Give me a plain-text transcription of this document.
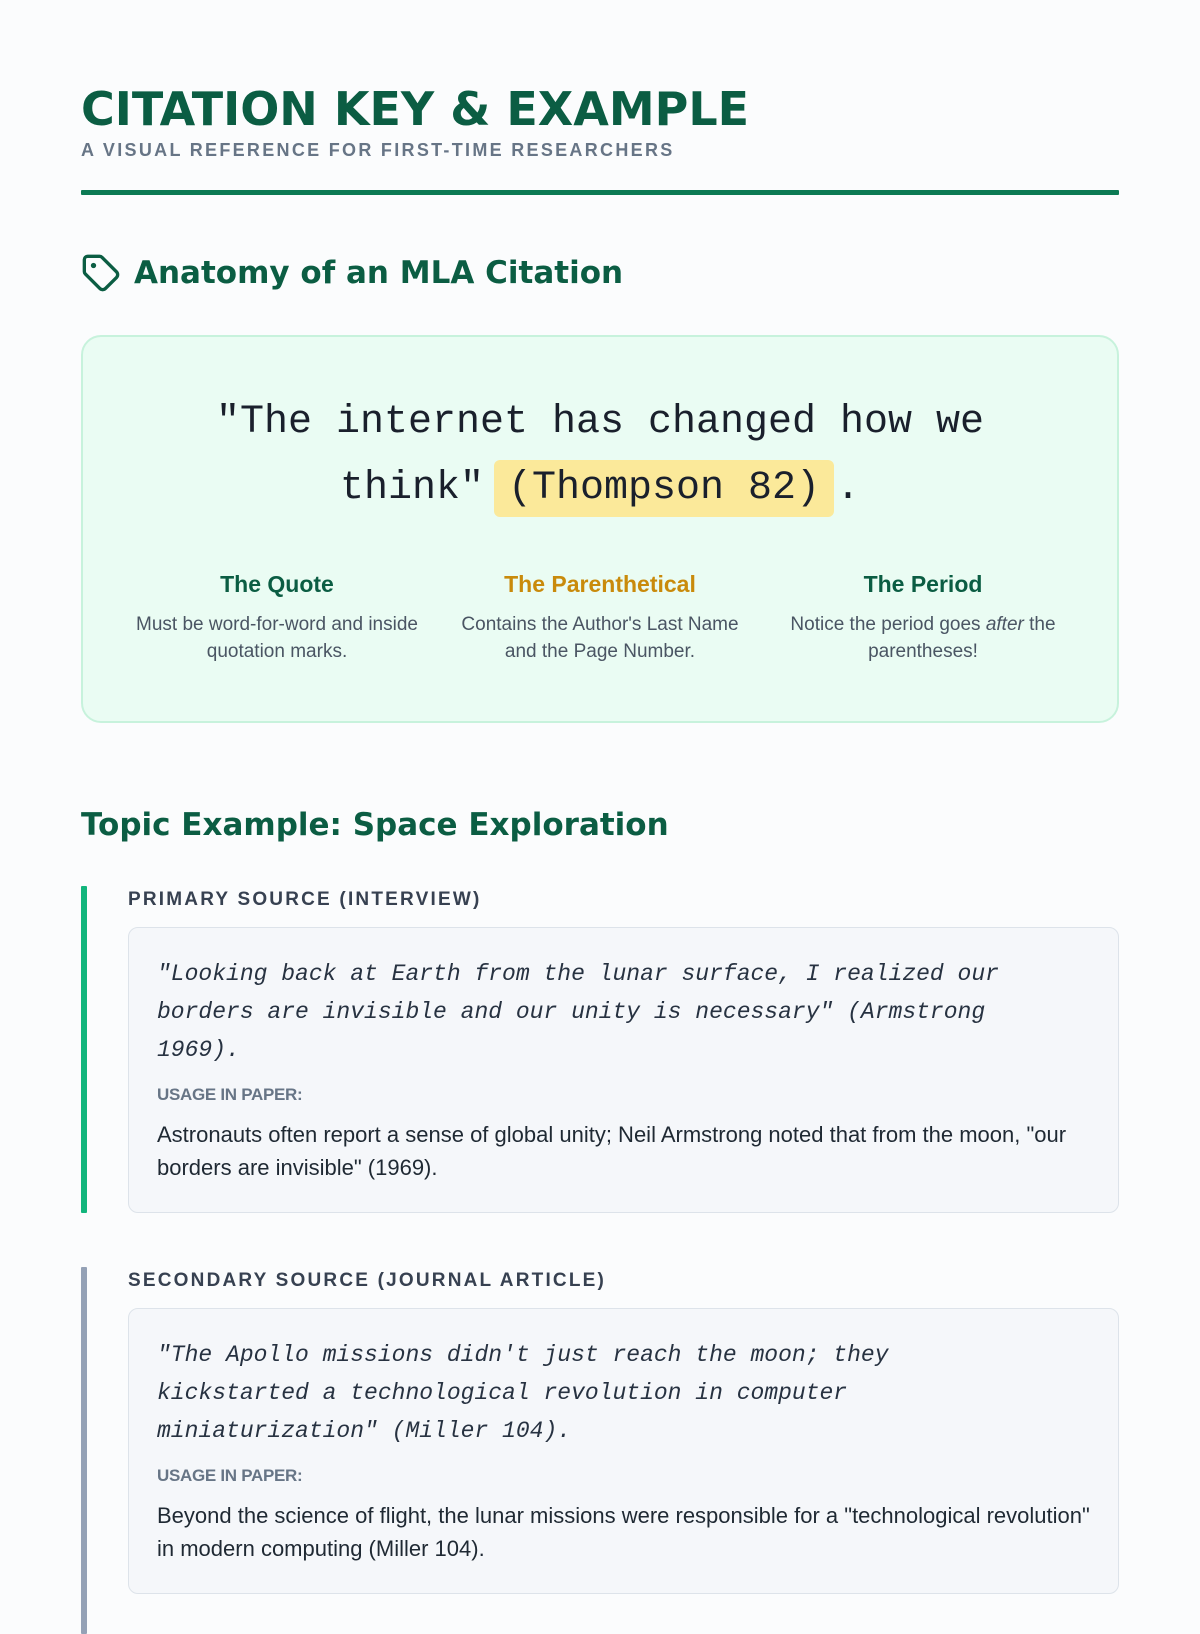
CITATION KEY & EXAMPLE
A VISUAL REFERENCE FOR FIRST-TIME RESEARCHERS
Anatomy of an MLA Citation
"The internet has changed how we
think" (Thompson 82) .
The Quote
Must be word-for-word and inside quotation marks.
The Parenthetical
Contains the Author's Last Name and the Page Number.
The Period
Notice the period goes after the parentheses!
Topic Example: Space Exploration
PRIMARY SOURCE (INTERVIEW)
"Looking back at Earth from the lunar surface, I realized our borders are invisible and our unity is necessary" (Armstrong 1969).
USAGE IN PAPER:
Astronauts often report a sense of global unity; Neil Armstrong noted that from the moon, "our borders are invisible" (1969).
SECONDARY SOURCE (JOURNAL ARTICLE)
"The Apollo missions didn't just reach the moon; they kickstarted a technological revolution in computer miniaturization" (Miller 104).
USAGE IN PAPER:
Beyond the science of flight, the lunar missions were responsible for a "technological revolution" in modern computing (Miller 104).
